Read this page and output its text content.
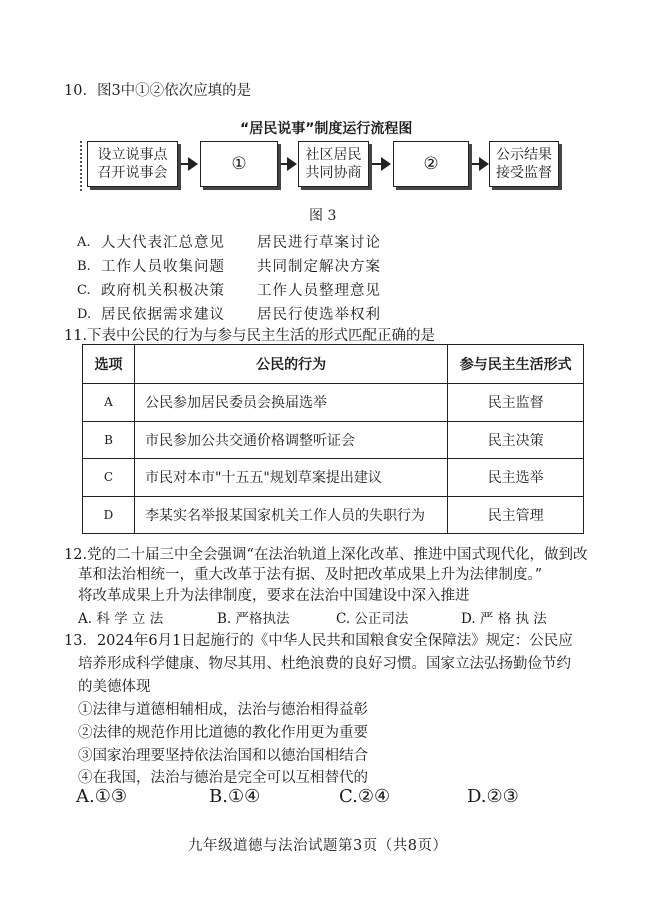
10．图3中①②依次应填的是
“居民说事”制度运行流程图
设立说事点
召开说事会	①	社区居民
共同协商	②	公示结果
接受监督
图 3
A. 人大代表汇总意见 居民进行草案讨论
B. 工作人员收集问题 共同制定解决方案
C. 政府机关积极决策 工作人员整理意见
D. 居民依据需求建议 居民行使选举权利
11.下表中公民的行为与参与民主生活的形式匹配正确的是
选项	公民的行为	参与民主生活形式
A	公民参加居民委员会换届选举	民主监督
B	市民参加公共交通价格调整听证会	民主决策
C	市民对本市"十五五"规划草案提出建议	民主选举
D	李某实名举报某国家机关工作人员的失职行为	民主管理
12.党的二十届三中全会强调“在法治轨道上深化改革、推进中国式现代化，做到改
革和法治相统一，重大改革于法有据、及时把改革成果上升为法律制度。”
将改革成果上升为法律制度，要求在法治中国建设中深入推进
A. 科 学 立 法	B. 严格执法	C. 公正司法	D. 严 格 执 法
13．2024年6月1日起施行的《中华人民共和国粮食安全保障法》规定：公民应
培养形成科学健康、物尽其用、杜绝浪费的良好习惯。国家立法弘扬勤俭节约
的美德体现
①法律与道德相辅相成，法治与德治相得益彰
②法律的规范作用比道德的教化作用更为重要
③国家治理要坚持依法治国和以德治国相结合
④在我国，法治与德治是完全可以互相替代的
A.①③	B.①④	C.②④	D.②③
九年级道德与法治试题第3页（共8页）
